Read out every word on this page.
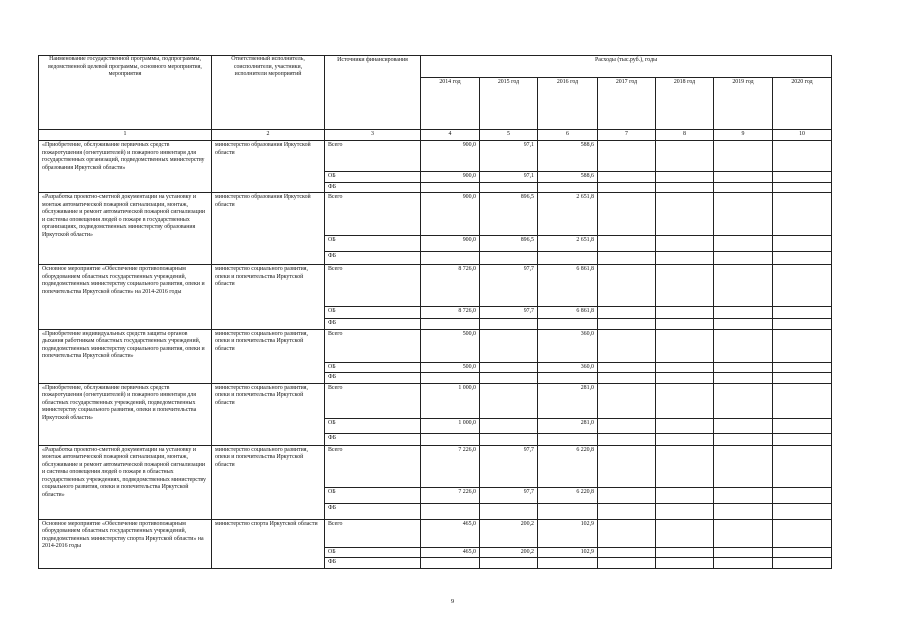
Наименование государственной программы, подпрограммы, ведомственной целевой программы, основного мероприятия, мероприятия	Ответственный исполнитель, соисполнители, участники, исполнители мероприятий	Источники финансирования	Расходы (тыс.руб.), годы						
			2014 год	2015 год	2016 год	2017 год	2018 год	2019 год	2020 год
1	2	3	4	5	6	7	8	9	10
«Приобретение, обслуживание первичных средств пожаротушения (огнетушителей) и пожарного инвентаря для государственных организаций, подведомственных министерству образования Иркутской области»	министерство образования Иркутской области	Всего	900,0	97,1	588,6				
		ОБ	900,0	97,1	588,6				
		ФБ							
«Разработка проектно-сметной документации на установку и монтаж автоматической пожарной сигнализации, монтаж, обслуживание и ремонт автоматической пожарной сигнализации и системы оповещения людей о пожаре в государственных организациях, подведомственных министерству образования Иркутской области»	министерство образования Иркутской области	Всего	900,0	896,5	2 651,8				
		ОБ	900,0	896,5	2 651,8				
		ФБ							
Основное мероприятие «Обеспечение противопожарным оборудованием областных государственных учреждений, подведомственных министерству социального развития, опеки и попечительства Иркутской области» на 2014-2016 годы	министерство социального развития, опеки и попечительства Иркутской области	Всего	8 726,0	97,7	6 861,8				
		ОБ	8 726,0	97,7	6 861,8				
		ФБ							
«Приобретение индивидуальных средств защиты органов дыхания работникам областных государственных учреждений, подведомственных министерству социального развития, опеки и попечительства Иркутской области»	министерство социального развития, опеки и попечительства Иркутской области	Всего	500,0		360,0				
		ОБ	500,0		360,0				
		ФБ							
«Приобретение, обслуживание первичных средств пожаротушения (огнетушителей) и пожарного инвентаря для областных государственных учреждений, подведомственных министерству социального развития, опеки и попечительства Иркутской области»	министерство социального развития, опеки и попечительства Иркутской области	Всего	1 000,0		281,0				
		ОБ	1 000,0		281,0				
		ФБ							
«Разработка проектно-сметной документации на установку и монтаж автоматической пожарной сигнализации, монтаж, обслуживание и ремонт автоматической пожарной сигнализации и системы оповещения людей о пожаре в областных государственных учреждениях, подведомственных министерству социального развития, опеки и попечительства Иркутской области»	министерство социального развития, опеки и попечительства Иркутской области	Всего	7 226,0	97,7	6 220,8				
		ОБ	7 226,0	97,7	6 220,8				
		ФБ							
Основное мероприятие «Обеспечение противопожарным оборудованием областных государственных учреждений, подведомственных министерству спорта Иркутской области» на 2014-2016 годы	министерство спорта Иркутской области	Всего	465,0	200,2	102,9				
		ОБ	465,0	200,2	102,9				
		ФБ							
9
